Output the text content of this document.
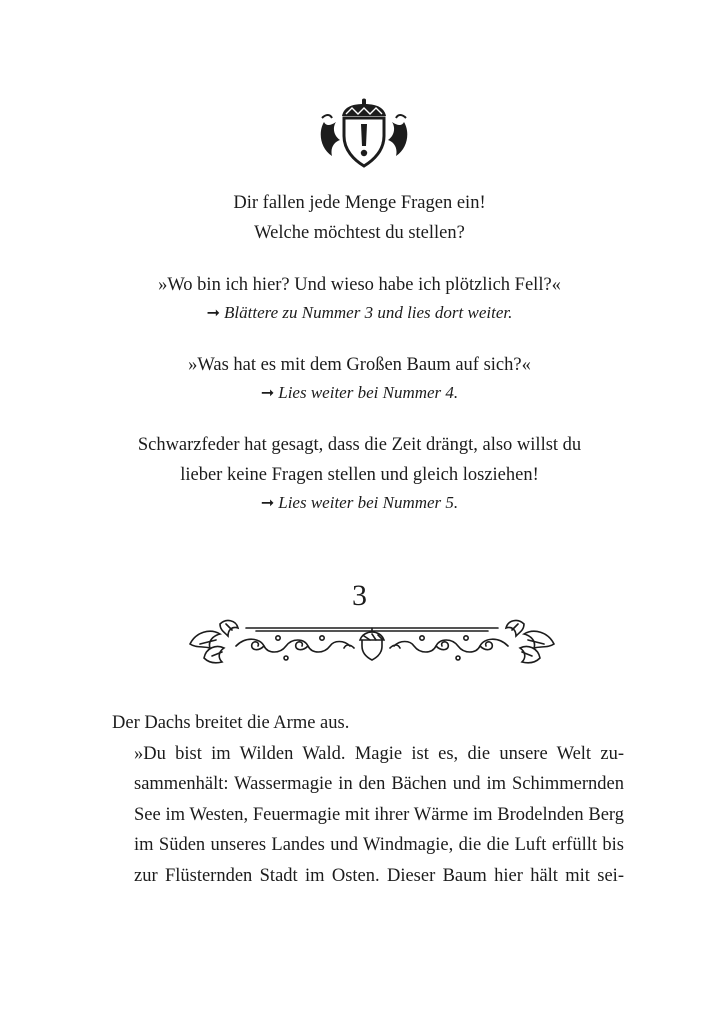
Dir fallen jede Menge Fragen ein!
Welche möchtest du stellen?
»Wo bin ich hier? Und wieso habe ich plötzlich Fell?«
➞ Blättere zu Nummer 3 und lies dort weiter.
»Was hat es mit dem Großen Baum auf sich?«
➞ Lies weiter bei Nummer 4.
Schwarzfeder hat gesagt, dass die Zeit drängt, also willst du
lieber keine Fragen stellen und gleich losziehen!
➞ Lies weiter bei Nummer 5.
3

Der Dachs breitet die Arme aus.

»Du bist im Wilden Wald. Magie ist es, die unsere Welt zu-
sammenhält: Wassermagie in den Bächen und im Schimmernden
See im Westen, Feuermagie mit ihrer Wärme im Brodelnden Berg
im Süden unseres Landes und Windmagie, die die Luft erfüllt bis
zur Flüsternden Stadt im Osten. Dieser Baum hier hält mit sei-
